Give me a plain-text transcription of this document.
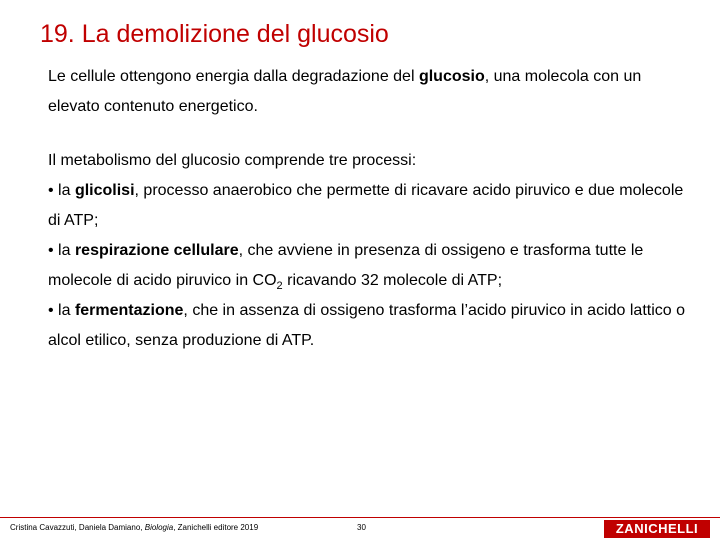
19. La demolizione del glucosio

Le cellule ottengono energia dalla degradazione del glucosio, una molecola con un elevato contenuto energetico.

Il metabolismo del glucosio comprende tre processi:

• la glicolisi, processo anaerobico che permette di ricavare acido piruvico e due molecole di ATP;

• la respirazione cellulare, che avviene in presenza di ossigeno e trasforma tutte le molecole di acido piruvico in $CO_2$ ricavando 32 molecole di ATP;

• la fermentazione, che in assenza di ossigeno trasforma l’acido piruvico in acido lattico o alcol etilico, senza produzione di ATP.

Cristina Cavazzuti, Daniela Damiano, Biologia, Zanichelli editore 2019	30	ZANICHELLI
